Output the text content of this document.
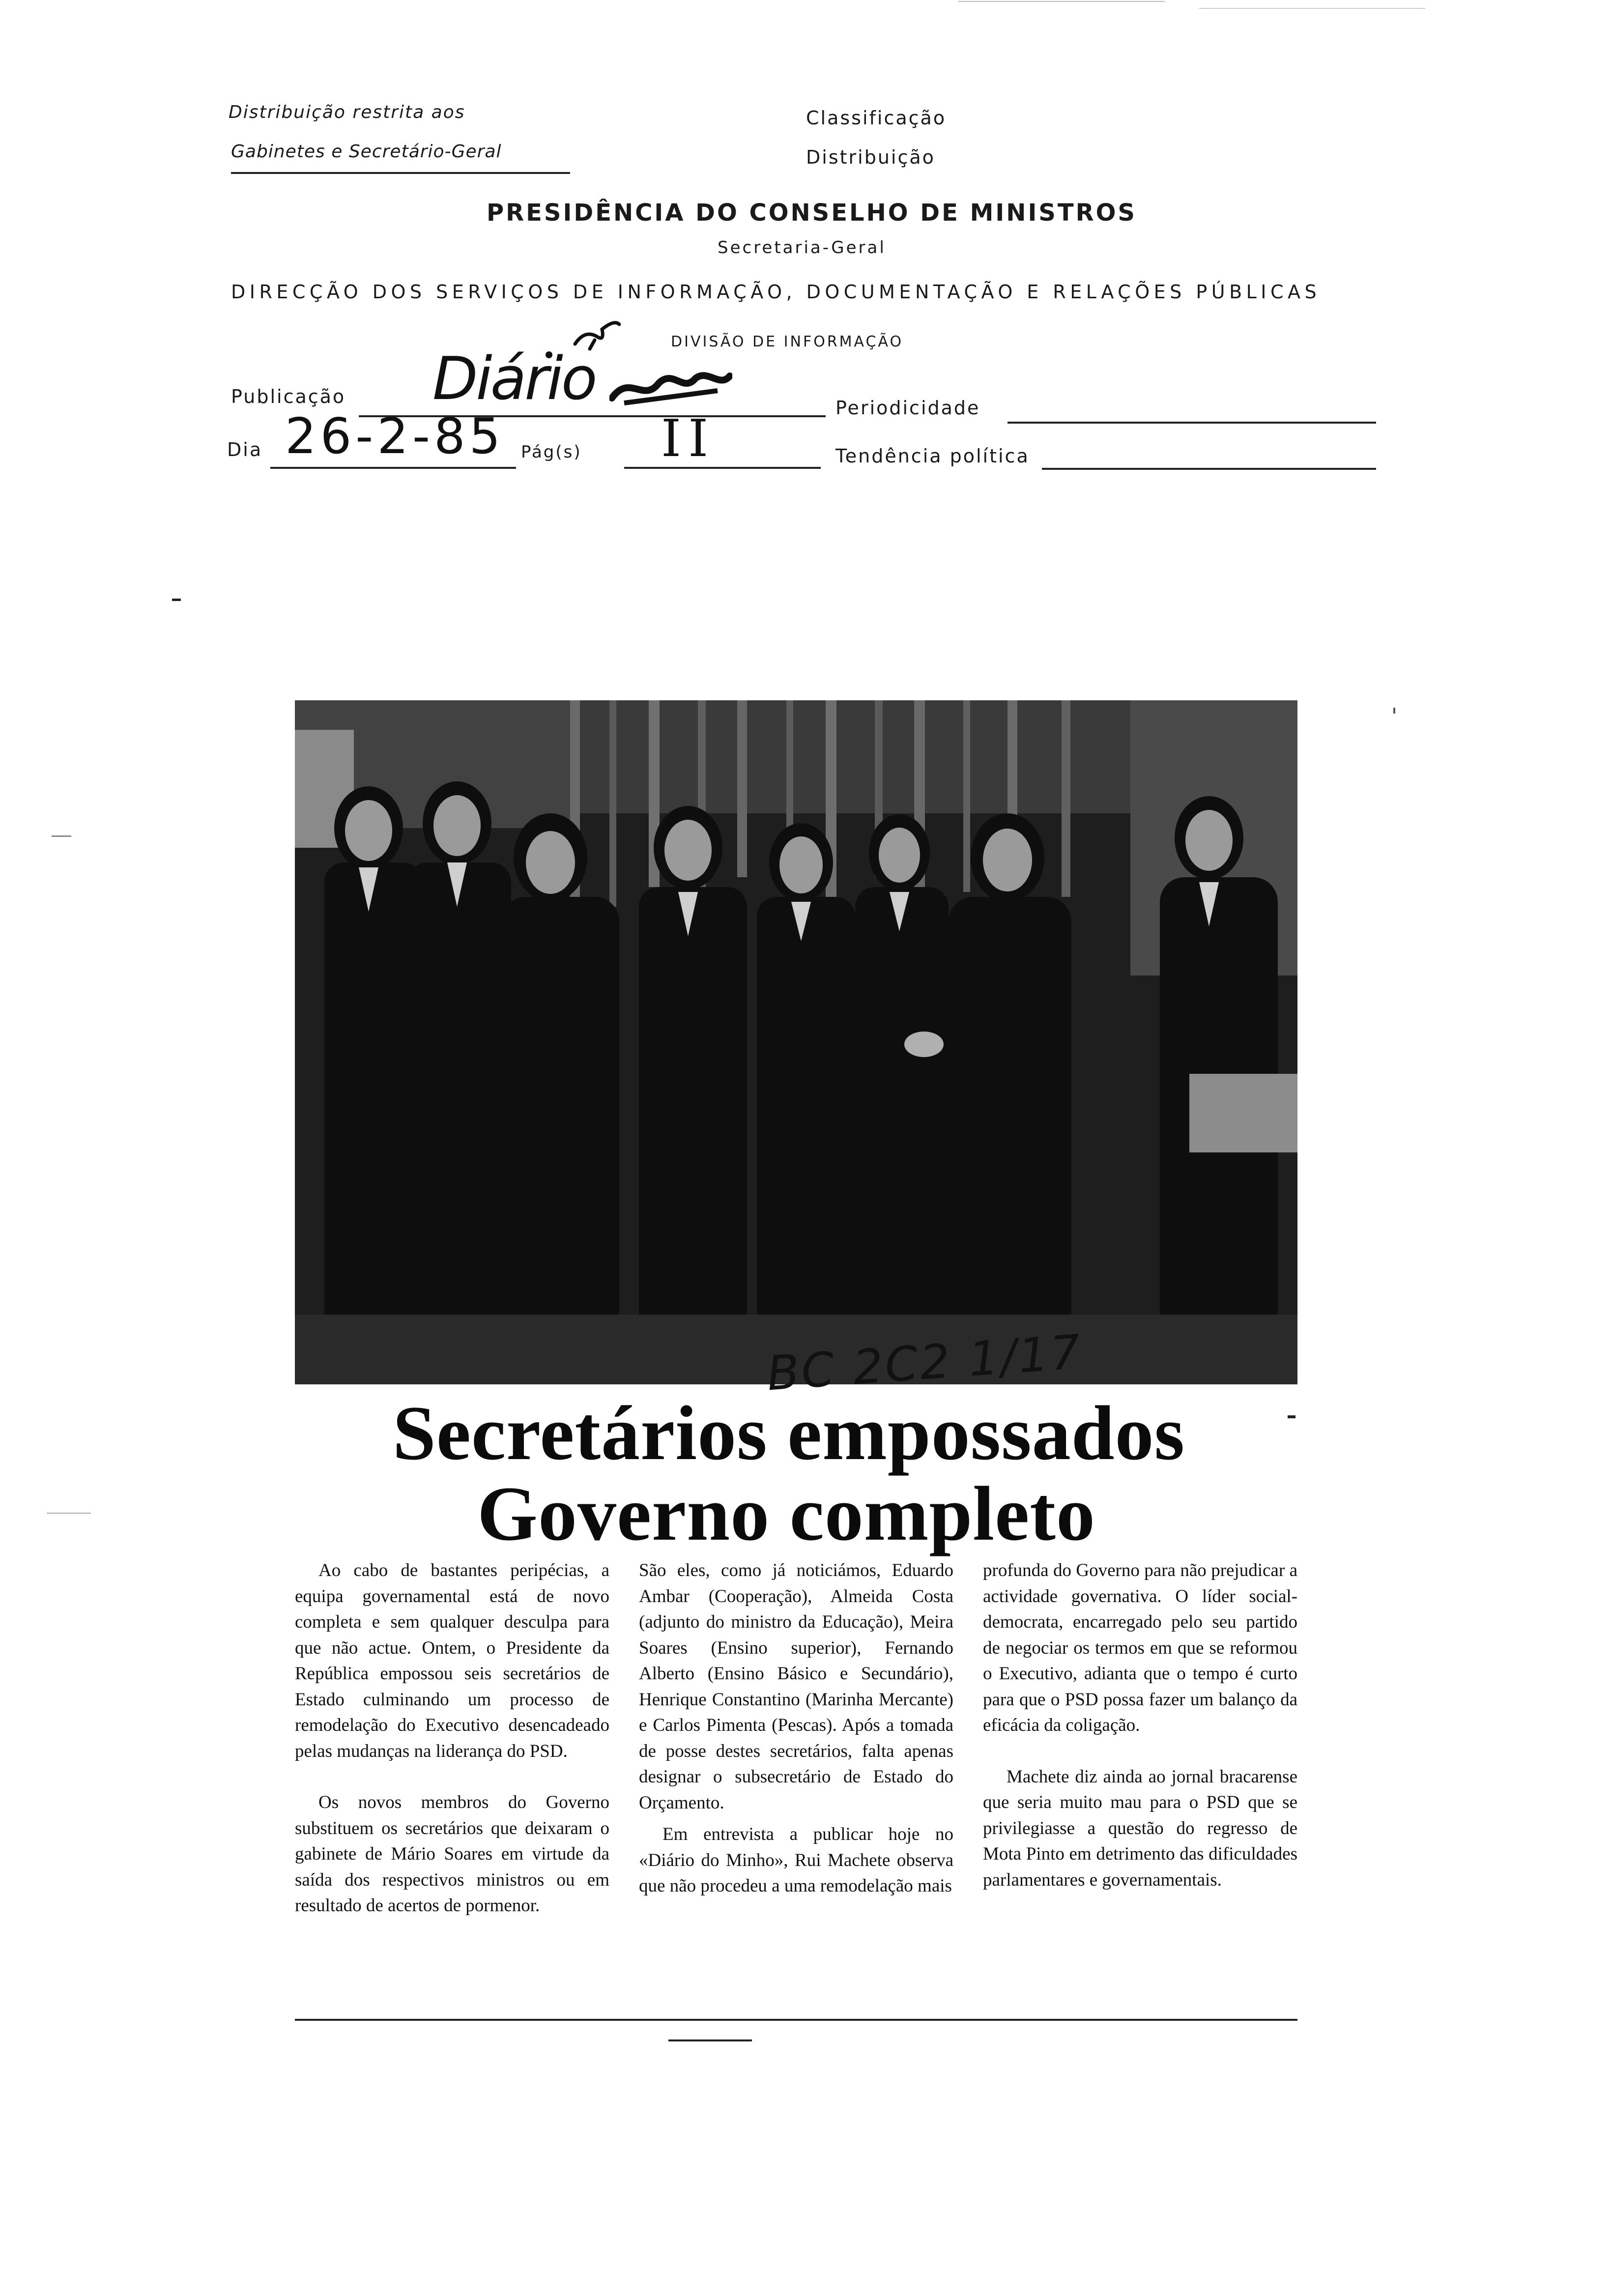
Distribuição restrita aos
Gabinetes e Secretário-Geral
Classificação
Distribuição
PRESIDÊNCIA DO CONSELHO DE MINISTROS
Secretaria-Geral
DIRECÇÃO DOS SERVIÇOS DE INFORMAÇÃO, DOCUMENTAÇÃO E RELAÇÕES PÚBLICAS
DIVISÃO DE INFORMAÇÃO
Publicação Diário	Periodicidade
Dia 26-2-85 Pág(s) II	Tendência política
BC 2C2 1/17
Secretários empossados
Governo completo

Ao cabo de bastantes peripécias, a equipa governamental está de novo completa e sem qualquer desculpa para que não actue. Ontem, o Presidente da República empossou seis secretários de Estado culminando um processo de remodelação do Executivo desencadeado pelas mudanças na liderança do PSD.

Os novos membros do Governo substituem os secretários que deixaram o gabinete de Mário Soares em virtude da saída dos respectivos ministros ou em resultado de acertos de pormenor.

São eles, como já noticiámos, Eduardo Ambar (Cooperação), Almeida Costa (adjunto do ministro da Educação), Meira Soares (Ensino superior), Fernando Alberto (Ensino Básico e Secundário), Henrique Constantino (Marinha Mercante) e Carlos Pimenta (Pescas). Após a tomada de posse destes secretários, falta apenas designar o subsecretário de Estado do Orçamento.

Em entrevista a publicar hoje no «Diário do Minho», Rui Machete observa que não procedeu a uma remodelação mais

profunda do Governo para não prejudicar a actividade governativa. O líder social-democrata, encarregado pelo seu partido de negociar os termos em que se reformou o Executivo, adianta que o tempo é curto para que o PSD possa fazer um balanço da eficácia da coligação.

Machete diz ainda ao jornal bracarense que seria muito mau para o PSD que se privilegiasse a questão do regresso de Mota Pinto em detrimento das dificuldades parlamentares e governamentais.
